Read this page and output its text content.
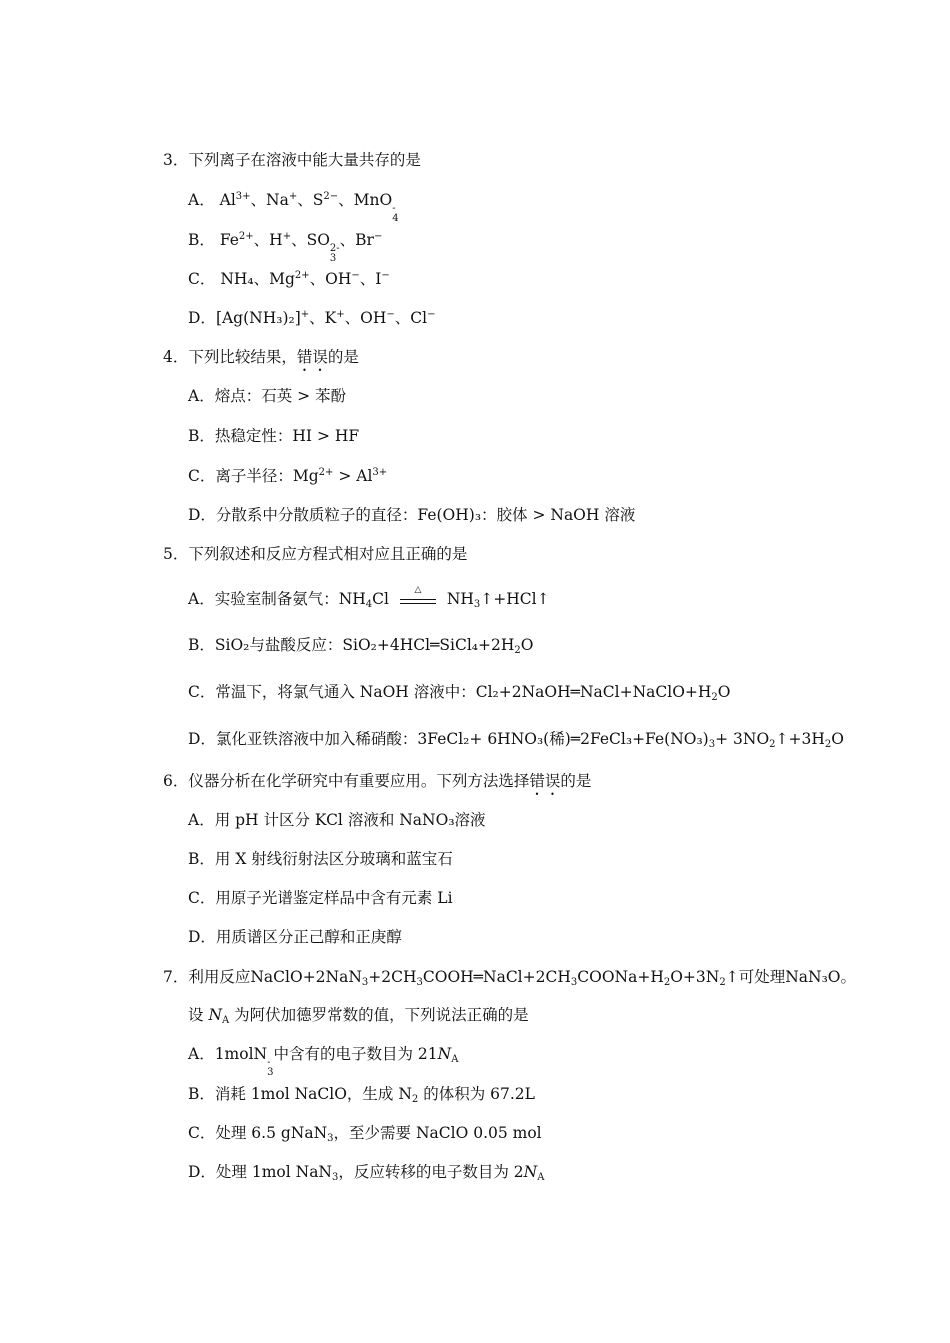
3．下列离子在溶液中能大量共存的是
A． $Al^{3+}$、Na+、$S^{2-}$、MnO -
4
B． $Fe^{2+}$、H+、SO 2-
3
、Br−
C． NH₄、$Mg^{2+}$、OH−、I−
D．[Ag(NH₃)₂]+、K+、OH−、Cl−
4．下列比较结果，错误的是
A．熔点：石英 > 苯酚
B．热稳定性：HI > HF
C．离子半径：$Mg^{2+} > Al^{3+}$
D．分散系中分散质粒子的直径：Fe(OH)₃：胶体 > NaOH 溶液
5．下列叙述和反应方程式相对应且正确的是
A．实验室制备氨气：$NH_4Cl$	△	$NH_3↑+HCl↑$
B．SiO₂与盐酸反应：$SiO_2+4HCl═SiCl_4+2H_2O$
C．常温下，将氯气通入 NaOH 溶液中：$Cl_2+2NaOH═NaCl+NaClO+H_2O$
D．氯化亚铁溶液中加入稀硝酸：3FeCl₂+ 6HNO₃(稀)$═2FeCl_3+Fe(NO_3)_3+$ $3NO_2↑+3H_2O$
6．仪器分析在化学研究中有重要应用。下列方法选择错误的是
A．用 pH 计区分 KCl 溶液和 NaNO₃溶液
B．用 X 射线衍射法区分玻璃和蓝宝石
C．用原子光谱鉴定样品中含有元素 Li
D．用质谱区分正己醇和正庚醇
7．利用反应$NaClO+2NaN_3+2CH_3COOH═NaCl+2CH_3COONa+H_2O+3N_2↑$可处理NaN₃O。
设 $N_A$ 为阿伏加德罗常数的值，下列说法正确的是
A．1molN -
3
中含有的电子数目为 $21N_A$
B．消耗 1mol NaClO，生成 $N_2$ 的体积为 67.2L
C．处理 6.5 gNaN$_3$，至少需要 NaClO 0.05 mol
D．处理 1mol NaN$_3$，反应转移的电子数目为 $2N_A$
